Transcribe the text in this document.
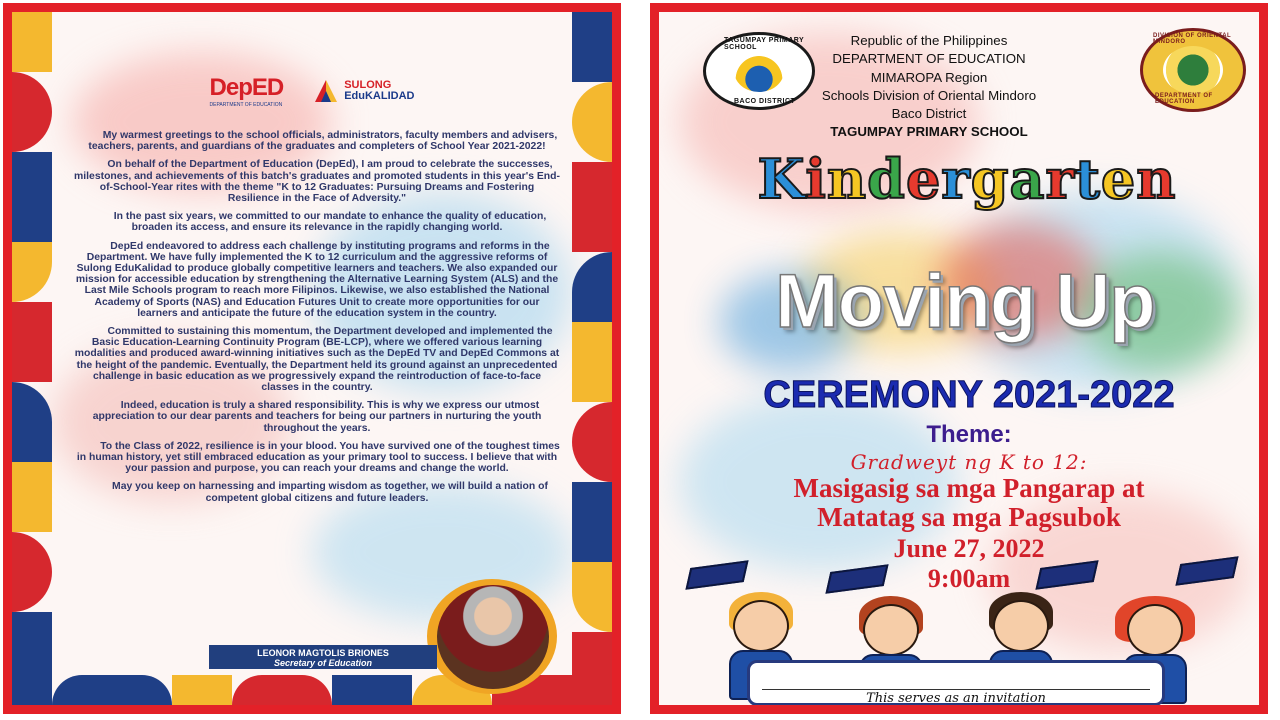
DepED
DEPARTMENT OF EDUCATION
SULONG
EduKALIDAD

My warmest greetings to the school officials, administrators, faculty members and advisers, teachers, parents, and guardians of the graduates and completers of School Year 2021-2022!

On behalf of the Department of Education (DepEd), I am proud to celebrate the successes, milestones, and achievements of this batch's graduates and promoted students in this year's End-of-School-Year rites with the theme "K to 12 Graduates: Pursuing Dreams and Fostering Resilience in the Face of Adversity."

In the past six years, we committed to our mandate to enhance the quality of education, broaden its access, and ensure its relevance in the rapidly changing world.

DepEd endeavored to address each challenge by instituting programs and reforms in the Department. We have fully implemented the K to 12 curriculum and the aggressive reforms of Sulong EduKalidad to produce globally competitive learners and teachers. We also expanded our mission for accessible education by strengthening the Alternative Learning System (ALS) and the Last Mile Schools program to reach more Filipinos. Likewise, we also established the National Academy of Sports (NAS) and Education Futures Unit to create more opportunities for our learners and anticipate the future of the education system in the country.

Committed to sustaining this momentum, the Department developed and implemented the Basic Education-Learning Continuity Program (BE-LCP), where we offered various learning modalities and produced award-winning initiatives such as the DepEd TV and DepEd Commons at the height of the pandemic. Eventually, the Department held its ground against an unprecedented challenge in basic education as we progressively expand the reintroduction of face-to-face classes in the country.

Indeed, education is truly a shared responsibility. This is why we express our utmost appreciation to our dear parents and teachers for being our partners in nurturing the youth throughout the years.

To the Class of 2022, resilience is in your blood. You have survived one of the toughest times in human history, yet still embraced education as your primary tool to success. I believe that with your passion and purpose, you can reach your dreams and change the world.

May you keep on harnessing and imparting wisdom as together, we will build a nation of competent global citizens and future leaders.

LEONOR MAGTOLIS BRIONES
Secretary of Education
TAGUMPAY PRIMARY SCHOOL
BACO DISTRICT
Republic of the Philippines
DEPARTMENT OF EDUCATION
MIMAROPA Region
Schools Division of Oriental Mindoro
Baco District
TAGUMPAY PRIMARY SCHOOL
DIVISION OF ORIENTAL MINDORO
DEPARTMENT OF EDUCATION
Kindergarten
Moving Up
CEREMONY 2021-2022
Theme:
Gradweyt ng K to 12:
Masigasig sa mga Pangarap at
Matatag sa mga Pagsubok
June 27, 2022
9:00am
This serves as an invitation
